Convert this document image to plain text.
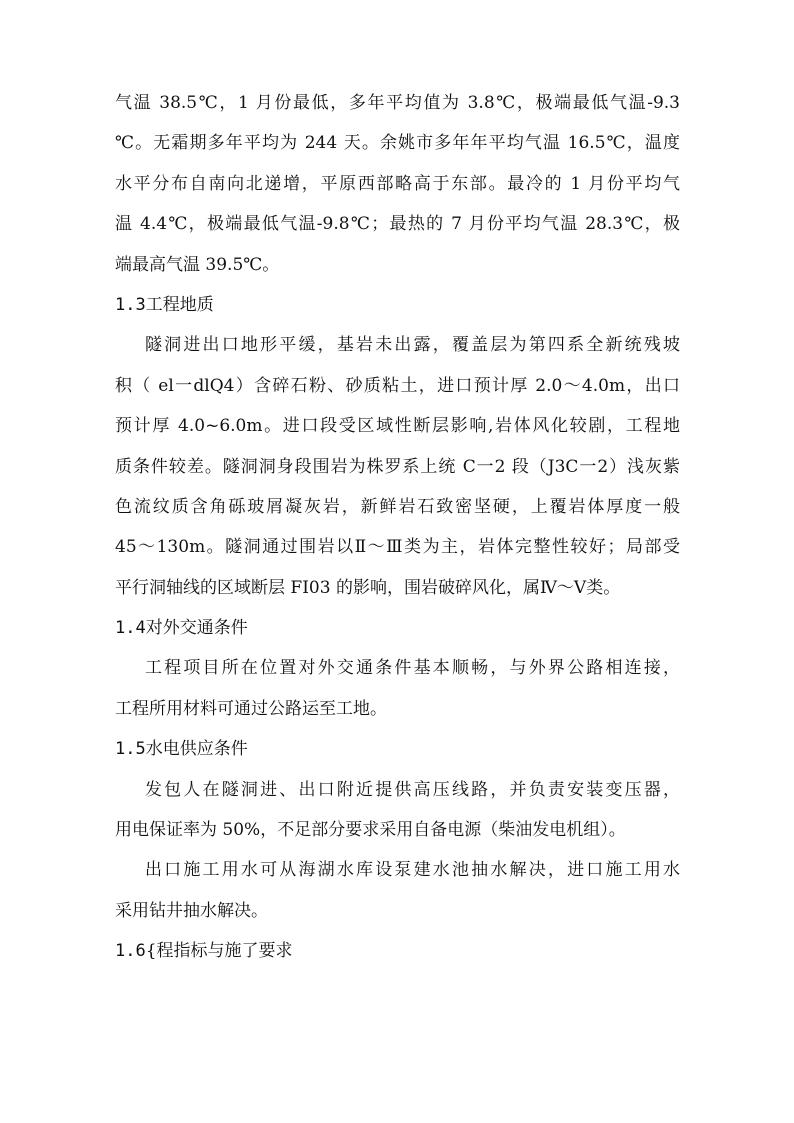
气温 38.5℃，1 月份最低，多年平均值为 3.8℃，极端最低气温-9.3
℃。无霜期多年平均为 244 天。余姚市多年年平均气温 16.5℃，温度
水平分布自南向北递增，平原西部略高于东部。最冷的 1 月份平均气
温 4.4℃，极端最低气温-9.8℃；最热的 7 月份平均气温 28.3℃，极
端最高气温 39.5℃。
1.3工程地质
隧洞进出口地形平缓，基岩未出露，覆盖层为第四系全新统残坡
积（ el一dlQ4）含碎石粉、砂质粘土，进口预计厚 2.0～4.0m，出口
预计厚 4.0~6.0m。进口段受区域性断层影响,岩体风化较剧，工程地
质条件较差。隧洞洞身段围岩为株罗系上统 C一2 段（J3C一2）浅灰紫
色流纹质含角砾玻屑凝灰岩，新鲜岩石致密坚硬，上覆岩体厚度一般
45～130m。隧洞通过围岩以Ⅱ～Ⅲ类为主，岩体完整性较好；局部受
平行洞轴线的区域断层 FI03 的影响，围岩破碎风化，属Ⅳ～Ⅴ类。
1.4对外交通条件
工程项目所在位置对外交通条件基本顺畅，与外界公路相连接，
工程所用材料可通过公路运至工地。
1.5水电供应条件
发包人在隧洞进、出口附近提供高压线路，并负责安装变压器，
用电保证率为 50%，不足部分要求采用自备电源（柴油发电机组）。
出口施工用水可从海湖水库设泵建水池抽水解决，进口施工用水
采用钻井抽水解决。
1.6{程指标与施了要求
